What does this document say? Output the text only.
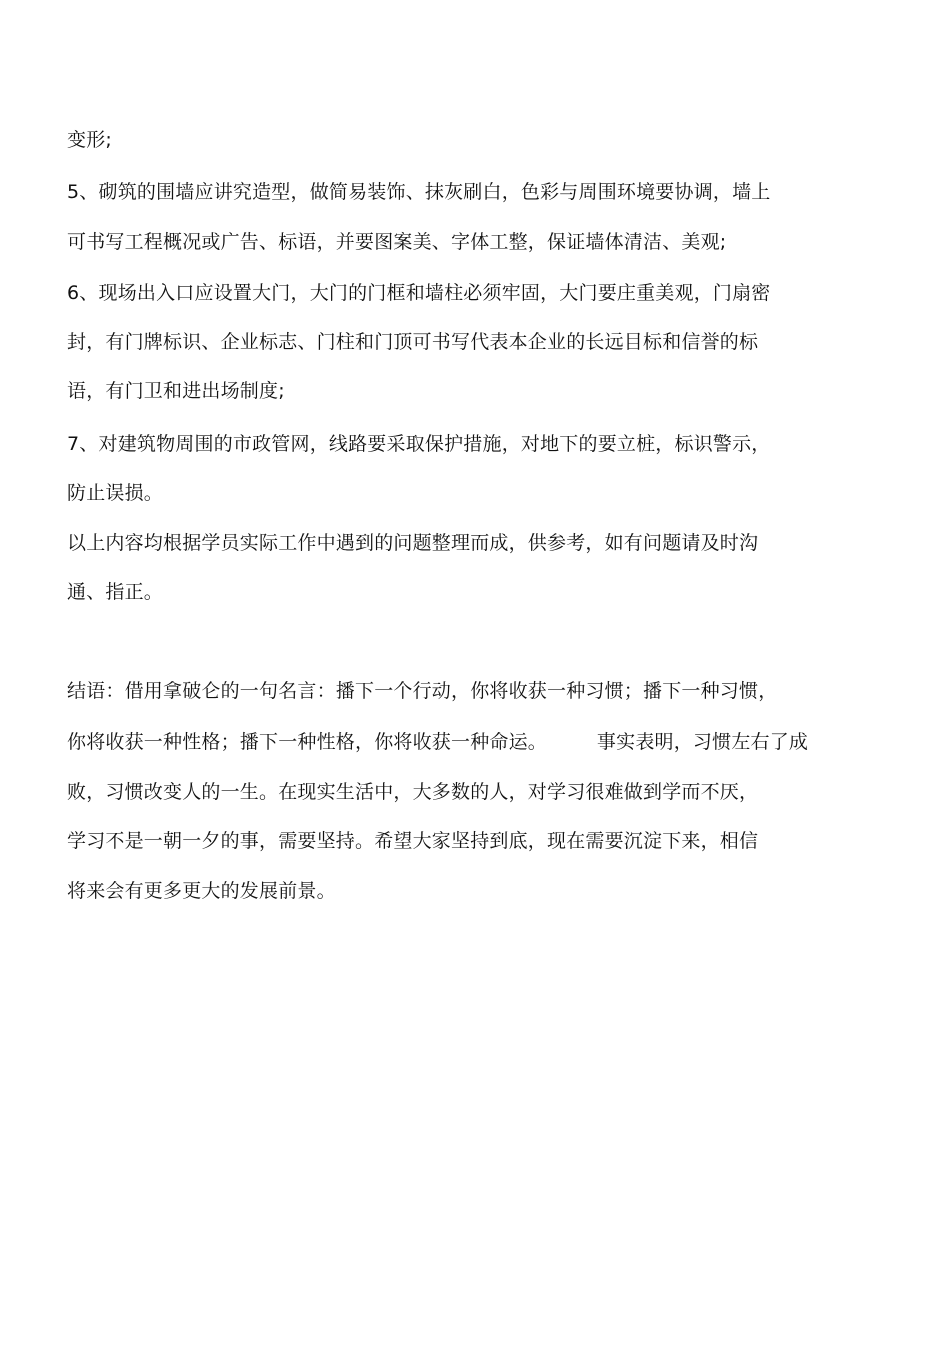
变形;
5、砌筑的围墙应讲究造型，做简易装饰、抹灰刷白，色彩与周围环境要协调，墙上
可书写工程概况或广告、标语，并要图案美、字体工整，保证墙体清洁、美观;
6、现场出入口应设置大门，大门的门框和墙柱必须牢固，大门要庄重美观，门扇密
封，有门牌标识、企业标志、门柱和门顶可书写代表本企业的长远目标和信誉的标
语，有门卫和进出场制度;
7、对建筑物周围的市政管网，线路要采取保护措施，对地下的要立桩，标识警示，
防止误损。
以上内容均根据学员实际工作中遇到的问题整理而成，供参考，如有问题请及时沟
通、指正。
结语：借用拿破仑的一句名言：播下一个行动，你将收获一种习惯；播下一种习惯，
你将收获一种性格；播下一种性格，你将收获一种命运。        事实表明，习惯左右了成
败，习惯改变人的一生。在现实生活中，大多数的人，对学习很难做到学而不厌，
学习不是一朝一夕的事，需要坚持。希望大家坚持到底，现在需要沉淀下来，相信
将来会有更多更大的发展前景。
